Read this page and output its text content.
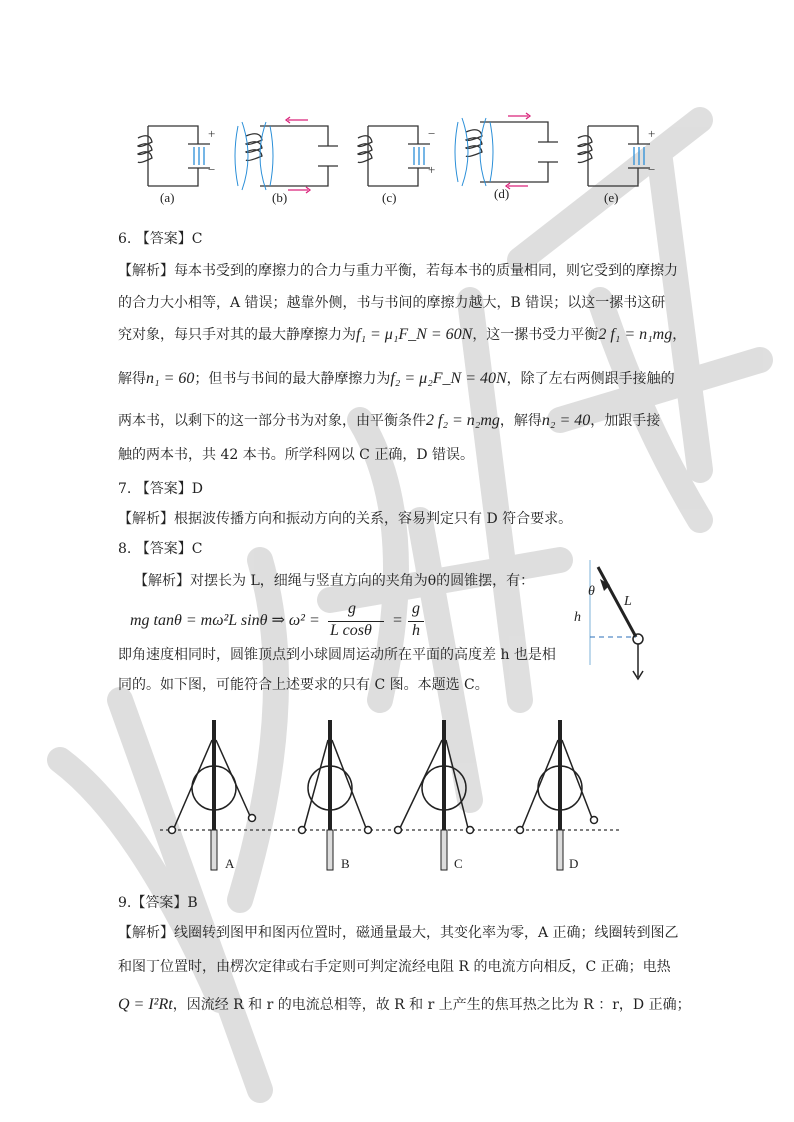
+
−
−
+
+
−
(a)	(b)	(c)	(d)	(e)
6. 【答案】C
【解析】每本书受到的摩擦力的合力与重力平衡，若每本书的质量相同，则它受到的摩擦力
的合力大小相等，A 错误；越靠外侧，书与书间的摩擦力越大，B 错误；以这一摞书这研
究对象，每只手对其的最大静摩擦力为f₁ = μ₁F_N = 60N，这一摞书受力平衡2 f₁ = n₁mg，
解得n₁ = 60；但书与书间的最大静摩擦力为f₂ = μ₂F_N = 40N，除了左右两侧跟手接触的
两本书，以剩下的这一部分书为对象，由平衡条件2 f₂ = n₂mg，解得n₂ = 40，加跟手接
触的两本书，共 42 本书。所学科网以 C 正确，D 错误。
7. 【答案】D
【解析】根据波传播方向和振动方向的关系，容易判定只有 D 符合要求。
8. 【答案】C
【解析】对摆长为 L，细绳与竖直方向的夹角为θ的圆锥摆，有：
mg tanθ = mω²L sinθ ⇒ ω² =
g
L cosθ
=
g
h
即角速度相同时，圆锥顶点到小球圆周运动所在平面的高度差 h 也是相
同的。如下图，可能符合上述要求的只有 C 图。本题选 C。
θ
L
h
A	B	C	D
9.【答案】B
【解析】线圈转到图甲和图丙位置时，磁通量最大，其变化率为零，A 正确；线圈转到图乙
和图丁位置时，由楞次定律或右手定则可判定流经电阻 R 的电流方向相反，C 正确；电热
Q = I²Rt，因流经 R 和 r 的电流总相等，故 R 和 r 上产生的焦耳热之比为 R ：r，D 正确；
